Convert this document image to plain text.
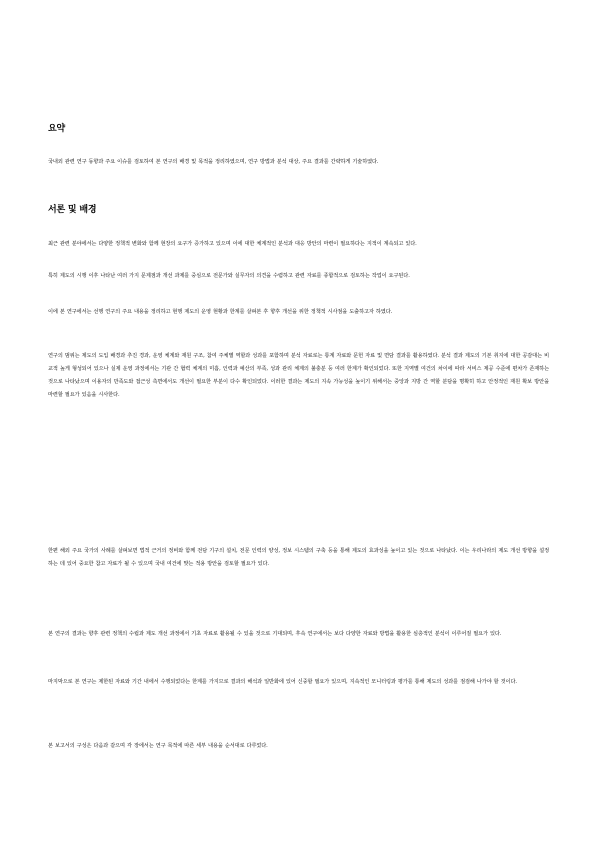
요약
국내외 관련 연구 동향과 주요 이슈를 검토하여 본 연구의 배경 및 목적을 정리하였으며, 연구 방법과 분석 대상, 주요 결과를 간략하게 기술하였다.
서론 및 배경
최근 관련 분야에서는 다양한 정책적 변화와 함께 현장의 요구가 증가하고 있으며 이에 대한 체계적인 분석과 대응 방안의 마련이 필요하다는 지적이 계속되고 있다.
특히 제도의 시행 이후 나타난 여러 가지 문제점과 개선 과제를 중심으로 전문가와 실무자의 의견을 수렴하고 관련 자료를 종합적으로 검토하는 작업이 요구된다.
이에 본 연구에서는 선행 연구의 주요 내용을 정리하고 현행 제도의 운영 현황과 한계를 살펴본 후 향후 개선을 위한 정책적 시사점을 도출하고자 하였다.
연구의 범위는 제도의 도입 배경과 추진 경과, 운영 체계와 재원 구조, 참여 주체별 역할과 성과를 포함하며 분석 자료로는 통계 자료와 문헌 자료 및 면담 결과를 활용하였다. 분석 결과 제도의 기본 취지에 대한 공감대는 비교적 높게 형성되어 있으나 실제 운영 과정에서는 기관 간 협력 체계의 미흡, 인력과 예산의 부족, 성과 관리 체계의 불충분 등 여러 한계가 확인되었다. 또한 지역별 여건의 차이에 따라 서비스 제공 수준에 편차가 존재하는 것으로 나타났으며 이용자의 만족도와 접근성 측면에서도 개선이 필요한 부분이 다수 확인되었다. 이러한 결과는 제도의 지속 가능성을 높이기 위해서는 중앙과 지방 간 역할 분담을 명확히 하고 안정적인 재원 확보 방안을 마련할 필요가 있음을 시사한다.
한편 해외 주요 국가의 사례를 살펴보면 법적 근거의 정비와 함께 전담 기구의 설치, 전문 인력의 양성, 정보 시스템의 구축 등을 통해 제도의 효과성을 높이고 있는 것으로 나타났다. 이는 우리나라의 제도 개선 방향을 설정하는 데 있어 중요한 참고 자료가 될 수 있으며 국내 여건에 맞는 적용 방안을 검토할 필요가 있다.
본 연구의 결과는 향후 관련 정책의 수립과 제도 개선 과정에서 기초 자료로 활용될 수 있을 것으로 기대되며, 후속 연구에서는 보다 다양한 자료와 방법을 활용한 심층적인 분석이 이루어질 필요가 있다.
마지막으로 본 연구는 제한된 자료와 기간 내에서 수행되었다는 한계를 가지므로 결과의 해석과 일반화에 있어 신중할 필요가 있으며, 지속적인 모니터링과 평가를 통해 제도의 성과를 점검해 나가야 할 것이다.
본 보고서의 구성은 다음과 같으며 각 장에서는 연구 목적에 따른 세부 내용을 순서대로 다루었다.
